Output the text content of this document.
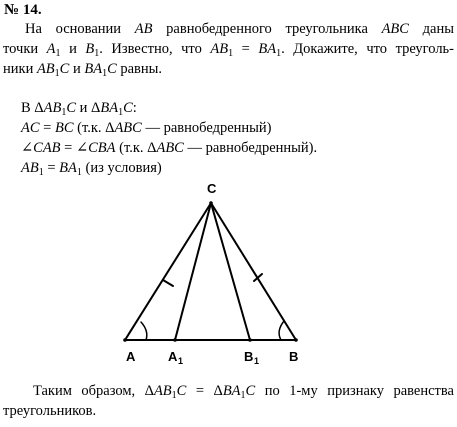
№ 14.
На основании AB равнобедренного треугольника ABC даны
точки $A_1$ и $B_1$. Известно, что $AB_1 = BA_1$. Докажите, что треуголь-
ники $AB_1C$ и $BA_1C$ равны.
В $\Delta AB_1C$ и $\Delta BA_1C$:
AC = BC (т.к. ΔABC — равнобедренный)
∠CAB = ∠CBA (т.к. ΔABC — равнобедренный).
$AB_1 = BA_1$ (из условия)
C
A	A 1	B 1 B
Таким образом, $\Delta AB_1C = \Delta BA_1C$ по 1-му признаку равенства
треугольников.
